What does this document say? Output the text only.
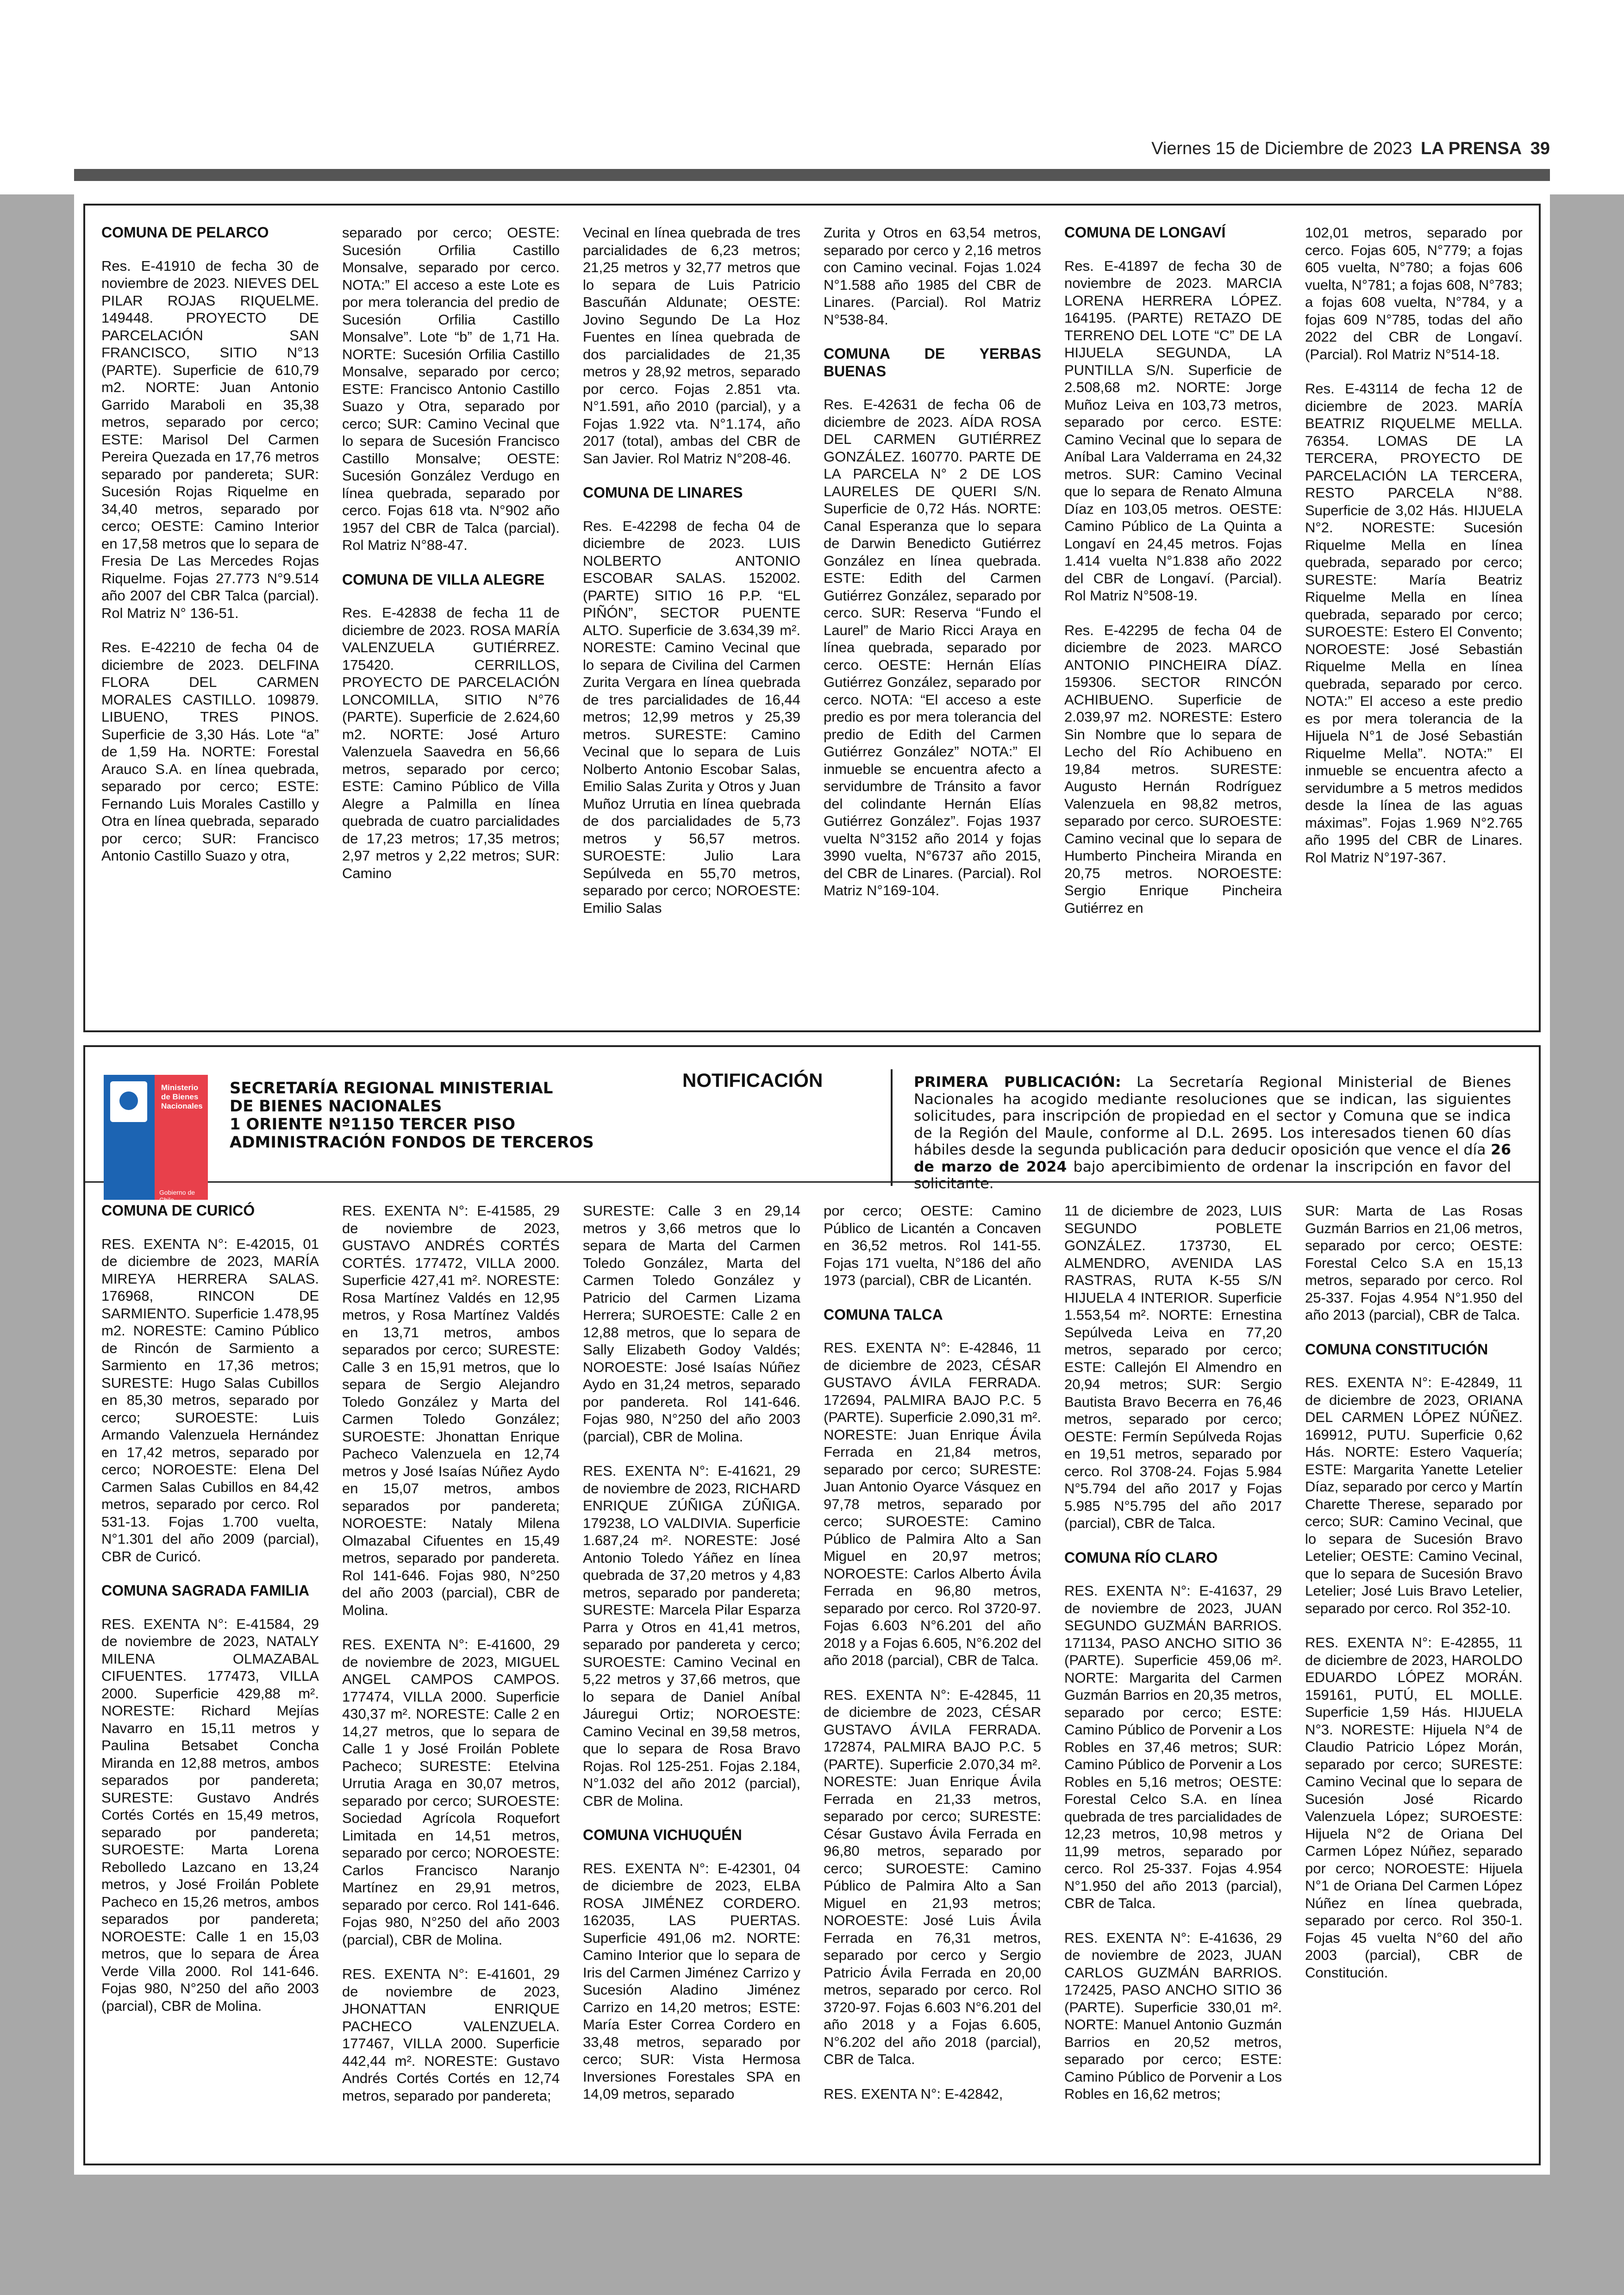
Viernes 15 de Diciembre de 2023 LA PRENSA 39
COMUNA DE PELARCO

Res. E-41910 de fecha 30 de noviembre de 2023. NIEVES DEL PILAR ROJAS RIQUELME. 149448. PROYECTO DE PARCELACIÓN SAN FRANCISCO, SITIO N°13 (PARTE). Superficie de 610,79 m2. NORTE: Juan Antonio Garrido Maraboli en 35,38 metros, separado por cerco; ESTE: Marisol Del Carmen Pereira Quezada en 17,76 metros separado por pandereta; SUR: Sucesión Rojas Riquelme en 34,40 metros, separado por cerco; OESTE: Camino Interior en 17,58 metros que lo separa de Fresia De Las Mercedes Rojas Riquelme. Fojas 27.773 N°9.514 año 2007 del CBR Talca (parcial). Rol Matriz N° 136-51.

Res. E-42210 de fecha 04 de diciembre de 2023. DELFINA FLORA DEL CARMEN MORALES CASTILLO. 109879. LIBUENO, TRES PINOS. Superficie de 3,30 Hás. Lote “a” de 1,59 Ha. NORTE: Forestal Arauco S.A. en línea quebrada, separado por cerco; ESTE: Fernando Luis Morales Castillo y Otra en línea quebrada, separado por cerco; SUR: Francisco Antonio Castillo Suazo y otra,

separado por cerco; OESTE: Sucesión Orfilia Castillo Monsalve, separado por cerco. NOTA:” El acceso a este Lote es por mera tolerancia del predio de Sucesión Orfilia Castillo Monsalve”. Lote “b” de 1,71 Ha. NORTE: Sucesión Orfilia Castillo Monsalve, separado por cerco; ESTE: Francisco Antonio Castillo Suazo y Otra, separado por cerco; SUR: Camino Vecinal que lo separa de Sucesión Francisco Castillo Monsalve; OESTE: Sucesión González Verdugo en línea quebrada, separado por cerco. Fojas 618 vta. N°902 año 1957 del CBR de Talca (parcial). Rol Matriz N°88-47.

COMUNA DE VILLA ALEGRE

Res. E-42838 de fecha 11 de diciembre de 2023. ROSA MARÍA VALENZUELA GUTIÉRREZ. 175420. CERRILLOS, PROYECTO DE PARCELACIÓN LONCOMILLA, SITIO N°76 (PARTE). Superficie de 2.624,60 m2. NORTE: José Arturo Valenzuela Saavedra en 56,66 metros, separado por cerco; ESTE: Camino Público de Villa Alegre a Palmilla en línea quebrada de cuatro parcialidades de 17,23 metros; 17,35 metros; 2,97 metros y 2,22 metros; SUR: Camino

Vecinal en línea quebrada de tres parcialidades de 6,23 metros; 21,25 metros y 32,77 metros que lo separa de Luis Patricio Bascuñán Aldunate; OESTE: Jovino Segundo De La Hoz Fuentes en línea quebrada de dos parcialidades de 21,35 metros y 28,92 metros, separado por cerco. Fojas 2.851 vta. N°1.591, año 2010 (parcial), y a Fojas 1.922 vta. N°1.174, año 2017 (total), ambas del CBR de San Javier. Rol Matriz N°208-46.

COMUNA DE LINARES

Res. E-42298 de fecha 04 de diciembre de 2023. LUIS NOLBERTO ANTONIO ESCOBAR SALAS. 152002. (PARTE) SITIO 16 P.P. “EL PIÑÓN”, SECTOR PUENTE ALTO. Superficie de 3.634,39 m². NORESTE: Camino Vecinal que lo separa de Civilina del Carmen Zurita Vergara en línea quebrada de tres parcialidades de 16,44 metros; 12,99 metros y 25,39 metros. SURESTE: Camino Vecinal que lo separa de Luis Nolberto Antonio Escobar Salas, Emilio Salas Zurita y Otros y Juan Muñoz Urrutia en línea quebrada de dos parcialidades de 5,73 metros y 56,57 metros. SUROESTE: Julio Lara Sepúlveda en 55,70 metros, separado por cerco; NOROESTE: Emilio Salas

Zurita y Otros en 63,54 metros, separado por cerco y 2,16 metros con Camino vecinal. Fojas 1.024 N°1.588 año 1985 del CBR de Linares. (Parcial). Rol Matriz N°538-84.

COMUNA DE YERBAS BUENAS

Res. E-42631 de fecha 06 de diciembre de 2023. AÍDA ROSA DEL CARMEN GUTIÉRREZ GONZÁLEZ. 160770. PARTE DE LA PARCELA N° 2 DE LOS LAURELES DE QUERI S/N. Superficie de 0,72 Hás. NORTE: Canal Esperanza que lo separa de Darwin Benedicto Gutiérrez González en línea quebrada. ESTE: Edith del Carmen Gutiérrez González, separado por cerco. SUR: Reserva “Fundo el Laurel” de Mario Ricci Araya en línea quebrada, separado por cerco. OESTE: Hernán Elías Gutiérrez González, separado por cerco. NOTA: “El acceso a este predio es por mera tolerancia del predio de Edith del Carmen Gutiérrez González” NOTA:” El inmueble se encuentra afecto a servidumbre de Tránsito a favor del colindante Hernán Elías Gutiérrez González”. Fojas 1937 vuelta N°3152 año 2014 y fojas 3990 vuelta, N°6737 año 2015, del CBR de Linares. (Parcial). Rol Matriz N°169-104.

COMUNA DE LONGAVÍ

Res. E-41897 de fecha 30 de noviembre de 2023. MARCIA LORENA HERRERA LÓPEZ. 164195. (PARTE) RETAZO DE TERRENO DEL LOTE “C” DE LA HIJUELA SEGUNDA, LA PUNTILLA S/N. Superficie de 2.508,68 m2. NORTE: Jorge Muñoz Leiva en 103,73 metros, separado por cerco. ESTE: Camino Vecinal que lo separa de Aníbal Lara Valderrama en 24,32 metros. SUR: Camino Vecinal que lo separa de Renato Almuna Díaz en 103,05 metros. OESTE: Camino Público de La Quinta a Longaví en 24,45 metros. Fojas 1.414 vuelta N°1.838 año 2022 del CBR de Longaví. (Parcial). Rol Matriz N°508-19.

Res. E-42295 de fecha 04 de diciembre de 2023. MARCO ANTONIO PINCHEIRA DÍAZ. 159306. SECTOR RINCÓN ACHIBUENO. Superficie de 2.039,97 m2. NORESTE: Estero Sin Nombre que lo separa de Lecho del Río Achibueno en 19,84 metros. SURESTE: Augusto Hernán Rodríguez Valenzuela en 98,82 metros, separado por cerco. SUROESTE: Camino vecinal que lo separa de Humberto Pincheira Miranda en 20,75 metros. NOROESTE: Sergio Enrique Pincheira Gutiérrez en

102,01 metros, separado por cerco. Fojas 605, N°779; a fojas 605 vuelta, N°780; a fojas 606 vuelta, N°781; a fojas 608, N°783; a fojas 608 vuelta, N°784, y a fojas 609 N°785, todas del año 2022 del CBR de Longaví. (Parcial). Rol Matriz N°514-18.

Res. E-43114 de fecha 12 de diciembre de 2023. MARÍA BEATRIZ RIQUELME MELLA. 76354. LOMAS DE LA TERCERA, PROYECTO DE PARCELACIÓN LA TERCERA, RESTO PARCELA N°88. Superficie de 3,02 Hás. HIJUELA N°2. NORESTE: Sucesión Riquelme Mella en línea quebrada, separado por cerco; SURESTE: María Beatriz Riquelme Mella en línea quebrada, separado por cerco; SUROESTE: Estero El Convento; NOROESTE: José Sebastián Riquelme Mella en línea quebrada, separado por cerco. NOTA:” El acceso a este predio es por mera tolerancia de la Hijuela N°1 de José Sebastián Riquelme Mella”. NOTA:” El inmueble se encuentra afecto a servidumbre a 5 metros medidos desde la línea de las aguas máximas”. Fojas 1.969 N°2.765 año 1995 del CBR de Linares. Rol Matriz N°197-367.

Ministerio de Bienes Nacionales
Gobierno de Chile
SECRETARÍA REGIONAL MINISTERIAL
DE BIENES NACIONALES
1 ORIENTE Nº1150 TERCER PISO
ADMINISTRACIÓN FONDOS DE TERCEROS
NOTIFICACIÓN	PRIMERA PUBLICACIÓN: La Secretaría Regional Ministerial de Bienes Nacionales ha acogido mediante resoluciones que se indican, las siguientes solicitudes, para inscripción de propiedad en el sector y Comuna que se indica de la Región del Maule, conforme al D.L. 2695. Los interesados tienen 60 días hábiles desde la segunda publicación para deducir oposición que vence el día 26 de marzo de 2024 bajo apercibimiento de ordenar la inscripción en favor del solicitante.
COMUNA DE CURICÓ

RES. EXENTA N°: E-42015, 01 de diciembre de 2023, MARÍA MIREYA HERRERA SALAS. 176968, RINCON DE SARMIENTO. Superficie 1.478,95 m2. NORESTE: Camino Público de Rincón de Sarmiento a Sarmiento en 17,36 metros; SURESTE: Hugo Salas Cubillos en 85,30 metros, separado por cerco; SUROESTE: Luis Armando Valenzuela Hernández en 17,42 metros, separado por cerco; NOROESTE: Elena Del Carmen Salas Cubillos en 84,42 metros, separado por cerco. Rol 531-13. Fojas 1.700 vuelta, N°1.301 del año 2009 (parcial), CBR de Curicó.

COMUNA SAGRADA FAMILIA

RES. EXENTA N°: E-41584, 29 de noviembre de 2023, NATALY MILENA OLMAZABAL CIFUENTES. 177473, VILLA 2000. Superficie 429,88 m². NORESTE: Richard Mejías Navarro en 15,11 metros y Paulina Betsabet Concha Miranda en 12,88 metros, ambos separados por pandereta; SURESTE: Gustavo Andrés Cortés Cortés en 15,49 metros, separado por pandereta; SUROESTE: Marta Lorena Rebolledo Lazcano en 13,24 metros, y José Froilán Poblete Pacheco en 15,26 metros, ambos separados por pandereta; NOROESTE: Calle 1 en 15,03 metros, que lo separa de Área Verde Villa 2000. Rol 141-646. Fojas 980, N°250 del año 2003 (parcial), CBR de Molina.

RES. EXENTA N°: E-41585, 29 de noviembre de 2023, GUSTAVO ANDRÉS CORTÉS CORTÉS. 177472, VILLA 2000. Superficie 427,41 m². NORESTE: Rosa Martínez Valdés en 12,95 metros, y Rosa Martínez Valdés en 13,71 metros, ambos separados por cerco; SURESTE: Calle 3 en 15,91 metros, que lo separa de Sergio Alejandro Toledo González y Marta del Carmen Toledo González; SUROESTE: Jhonattan Enrique Pacheco Valenzuela en 12,74 metros y José Isaías Núñez Aydo en 15,07 metros, ambos separados por pandereta; NOROESTE: Nataly Milena Olmazabal Cifuentes en 15,49 metros, separado por pandereta. Rol 141-646. Fojas 980, N°250 del año 2003 (parcial), CBR de Molina.

RES. EXENTA N°: E-41600, 29 de noviembre de 2023, MIGUEL ANGEL CAMPOS CAMPOS. 177474, VILLA 2000. Superficie 430,37 m². NORESTE: Calle 2 en 14,27 metros, que lo separa de Calle 1 y José Froilán Poblete Pacheco; SURESTE: Etelvina Urrutia Araga en 30,07 metros, separado por cerco; SUROESTE: Sociedad Agrícola Roquefort Limitada en 14,51 metros, separado por cerco; NOROESTE: Carlos Francisco Naranjo Martínez en 29,91 metros, separado por cerco. Rol 141-646. Fojas 980, N°250 del año 2003 (parcial), CBR de Molina.

RES. EXENTA N°: E-41601, 29 de noviembre de 2023, JHONATTAN ENRIQUE PACHECO VALENZUELA. 177467, VILLA 2000. Superficie 442,44 m². NORESTE: Gustavo Andrés Cortés Cortés en 12,74 metros, separado por pandereta;

SURESTE: Calle 3 en 29,14 metros y 3,66 metros que lo separa de Marta del Carmen Toledo González, Marta del Carmen Toledo González y Patricio del Carmen Lizama Herrera; SUROESTE: Calle 2 en 12,88 metros, que lo separa de Sally Elizabeth Godoy Valdés; NOROESTE: José Isaías Núñez Aydo en 31,24 metros, separado por pandereta. Rol 141-646. Fojas 980, N°250 del año 2003 (parcial), CBR de Molina.

RES. EXENTA N°: E-41621, 29 de noviembre de 2023, RICHARD ENRIQUE ZÚÑIGA ZÚÑIGA. 179238, LO VALDIVIA. Superficie 1.687,24 m². NORESTE: José Antonio Toledo Yáñez en línea quebrada de 37,20 metros y 4,83 metros, separado por pandereta; SURESTE: Marcela Pilar Esparza Parra y Otros en 41,41 metros, separado por pandereta y cerco; SUROESTE: Camino Vecinal en 5,22 metros y 37,66 metros, que lo separa de Daniel Aníbal Jáuregui Ortiz; NOROESTE: Camino Vecinal en 39,58 metros, que lo separa de Rosa Bravo Rojas. Rol 125-251. Fojas 2.184, N°1.032 del año 2012 (parcial), CBR de Molina.

COMUNA VICHUQUÉN

RES. EXENTA N°: E-42301, 04 de diciembre de 2023, ELBA ROSA JIMÉNEZ CORDERO. 162035, LAS PUERTAS. Superficie 491,06 m2. NORTE: Camino Interior que lo separa de Iris del Carmen Jiménez Carrizo y Sucesión Aladino Jiménez Carrizo en 14,20 metros; ESTE: María Ester Correa Cordero en 33,48 metros, separado por cerco; SUR: Vista Hermosa Inversiones Forestales SPA en 14,09 metros, separado

por cerco; OESTE: Camino Público de Licantén a Concaven en 36,52 metros. Rol 141-55. Fojas 171 vuelta, N°186 del año 1973 (parcial), CBR de Licantén.

COMUNA TALCA

RES. EXENTA N°: E-42846, 11 de diciembre de 2023, CÉSAR GUSTAVO ÁVILA FERRADA. 172694, PALMIRA BAJO P.C. 5 (PARTE). Superficie 2.090,31 m². NORESTE: Juan Enrique Ávila Ferrada en 21,84 metros, separado por cerco; SURESTE: Juan Antonio Oyarce Vásquez en 97,78 metros, separado por cerco; SUROESTE: Camino Público de Palmira Alto a San Miguel en 20,97 metros; NOROESTE: Carlos Alberto Ávila Ferrada en 96,80 metros, separado por cerco. Rol 3720-97. Fojas 6.603 N°6.201 del año 2018 y a Fojas 6.605, N°6.202 del año 2018 (parcial), CBR de Talca.

RES. EXENTA N°: E-42845, 11 de diciembre de 2023, CÉSAR GUSTAVO ÁVILA FERRADA. 172874, PALMIRA BAJO P.C. 5 (PARTE). Superficie 2.070,34 m². NORESTE: Juan Enrique Ávila Ferrada en 21,33 metros, separado por cerco; SURESTE: César Gustavo Ávila Ferrada en 96,80 metros, separado por cerco; SUROESTE: Camino Público de Palmira Alto a San Miguel en 21,93 metros; NOROESTE: José Luis Ávila Ferrada en 76,31 metros, separado por cerco y Sergio Patricio Ávila Ferrada en 20,00 metros, separado por cerco. Rol 3720-97. Fojas 6.603 N°6.201 del año 2018 y a Fojas 6.605, N°6.202 del año 2018 (parcial), CBR de Talca.

RES. EXENTA N°: E-42842,

11 de diciembre de 2023, LUIS SEGUNDO POBLETE GONZÁLEZ. 173730, EL ALMENDRO, AVENIDA LAS RASTRAS, RUTA K-55 S/N HIJUELA 4 INTERIOR. Superficie 1.553,54 m². NORTE: Ernestina Sepúlveda Leiva en 77,20 metros, separado por cerco; ESTE: Callejón El Almendro en 20,94 metros; SUR: Sergio Bautista Bravo Becerra en 76,46 metros, separado por cerco; OESTE: Fermín Sepúlveda Rojas en 19,51 metros, separado por cerco. Rol 3708-24. Fojas 5.984 N°5.794 del año 2017 y Fojas 5.985 N°5.795 del año 2017 (parcial), CBR de Talca.

COMUNA RÍO CLARO

RES. EXENTA N°: E-41637, 29 de noviembre de 2023, JUAN SEGUNDO GUZMÁN BARRIOS. 171134, PASO ANCHO SITIO 36 (PARTE). Superficie 459,06 m². NORTE: Margarita del Carmen Guzmán Barrios en 20,35 metros, separado por cerco; ESTE: Camino Público de Porvenir a Los Robles en 37,46 metros; SUR: Camino Público de Porvenir a Los Robles en 5,16 metros; OESTE: Forestal Celco S.A. en línea quebrada de tres parcialidades de 12,23 metros, 10,98 metros y 11,99 metros, separado por cerco. Rol 25-337. Fojas 4.954 N°1.950 del año 2013 (parcial), CBR de Talca.

RES. EXENTA N°: E-41636, 29 de noviembre de 2023, JUAN CARLOS GUZMÁN BARRIOS. 172425, PASO ANCHO SITIO 36 (PARTE). Superficie 330,01 m². NORTE: Manuel Antonio Guzmán Barrios en 20,52 metros, separado por cerco; ESTE: Camino Público de Porvenir a Los Robles en 16,62 metros;

SUR: Marta de Las Rosas Guzmán Barrios en 21,06 metros, separado por cerco; OESTE: Forestal Celco S.A en 15,13 metros, separado por cerco. Rol 25-337. Fojas 4.954 N°1.950 del año 2013 (parcial), CBR de Talca.

COMUNA CONSTITUCIÓN

RES. EXENTA N°: E-42849, 11 de diciembre de 2023, ORIANA DEL CARMEN LÓPEZ NÚÑEZ. 169912, PUTU. Superficie 0,62 Hás. NORTE: Estero Vaquería; ESTE: Margarita Yanette Letelier Díaz, separado por cerco y Martín Charette Therese, separado por cerco; SUR: Camino Vecinal, que lo separa de Sucesión Bravo Letelier; OESTE: Camino Vecinal, que lo separa de Sucesión Bravo Letelier; José Luis Bravo Letelier, separado por cerco. Rol 352-10.

RES. EXENTA N°: E-42855, 11 de diciembre de 2023, HAROLDO EDUARDO LÓPEZ MORÁN. 159161, PUTÚ, EL MOLLE. Superficie 1,59 Hás. HIJUELA N°3. NORESTE: Hijuela N°4 de Claudio Patricio López Morán, separado por cerco; SURESTE: Camino Vecinal que lo separa de Sucesión José Ricardo Valenzuela López; SUROESTE: Hijuela N°2 de Oriana Del Carmen López Núñez, separado por cerco; NOROESTE: Hijuela N°1 de Oriana Del Carmen López Núñez en línea quebrada, separado por cerco. Rol 350-1. Fojas 45 vuelta N°60 del año 2003 (parcial), CBR de Constitución.
